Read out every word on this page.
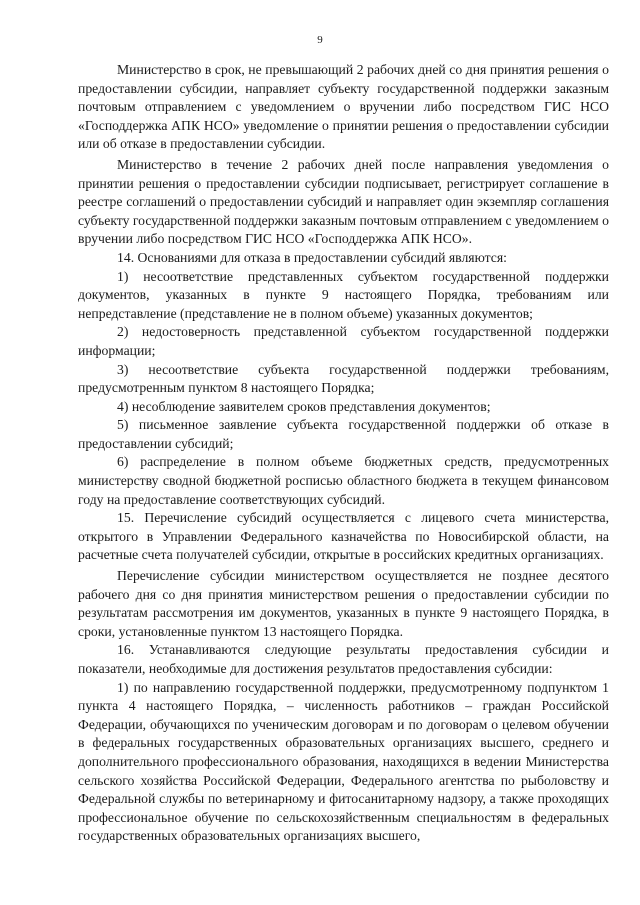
9

Министерство в срок, не превышающий 2 рабочих дней со дня принятия решения о предоставлении субсидии, направляет субъекту государственной поддержки заказным почтовым отправлением с уведомлением о вручении либо посредством ГИС НСО «Господдержка АПК НСО» уведомление о принятии решения о предоставлении субсидии или об отказе в предоставлении субсидии.

Министерство в течение 2 рабочих дней после направления уведомления о принятии решения о предоставлении субсидии подписывает, регистрирует соглашение в реестре соглашений о предоставлении субсидий и направляет один экземпляр соглашения субъекту государственной поддержки заказным почтовым отправлением с уведомлением о вручении либо посредством ГИС НСО «Господдержка АПК НСО».

14. Основаниями для отказа в предоставлении субсидий являются:

1) несоответствие представленных субъектом государственной поддержки документов, указанных в пункте 9 настоящего Порядка, требованиям или непредставление (представление не в полном объеме) указанных документов;

2) недостоверность представленной субъектом государственной поддержки информации;

3) несоответствие субъекта государственной поддержки требованиям, предусмотренным пунктом 8 настоящего Порядка;

4) несоблюдение заявителем сроков представления документов;

5) письменное заявление субъекта государственной поддержки об отказе в предоставлении субсидий;

6) распределение в полном объеме бюджетных средств, предусмотренных министерству сводной бюджетной росписью областного бюджета в текущем финансовом году на предоставление соответствующих субсидий.

15. Перечисление субсидий осуществляется с лицевого счета министерства, открытого в Управлении Федерального казначейства по Новосибирской области, на расчетные счета получателей субсидии, открытые в российских кредитных организациях.

Перечисление субсидии министерством осуществляется не позднее десятого рабочего дня со дня принятия министерством решения о предоставлении субсидии по результатам рассмотрения им документов, указанных в пункте 9 настоящего Порядка, в сроки, установленные пунктом 13 настоящего Порядка.

16. Устанавливаются следующие результаты предоставления субсидии и показатели, необходимые для достижения результатов предоставления субсидии:

1) по направлению государственной поддержки, предусмотренному подпунктом 1 пункта 4 настоящего Порядка, – численность работников – граждан Российской Федерации, обучающихся по ученическим договорам и по договорам о целевом обучении в федеральных государственных образовательных организациях высшего, среднего и дополнительного профессионального образования, находящихся в ведении Министерства сельского хозяйства Российской Федерации, Федерального агентства по рыболовству и Федеральной службы по ветеринарному и фитосанитарному надзору, а также проходящих профессиональное обучение по сельскохозяйственным специальностям в федеральных государственных образовательных организациях высшего,
